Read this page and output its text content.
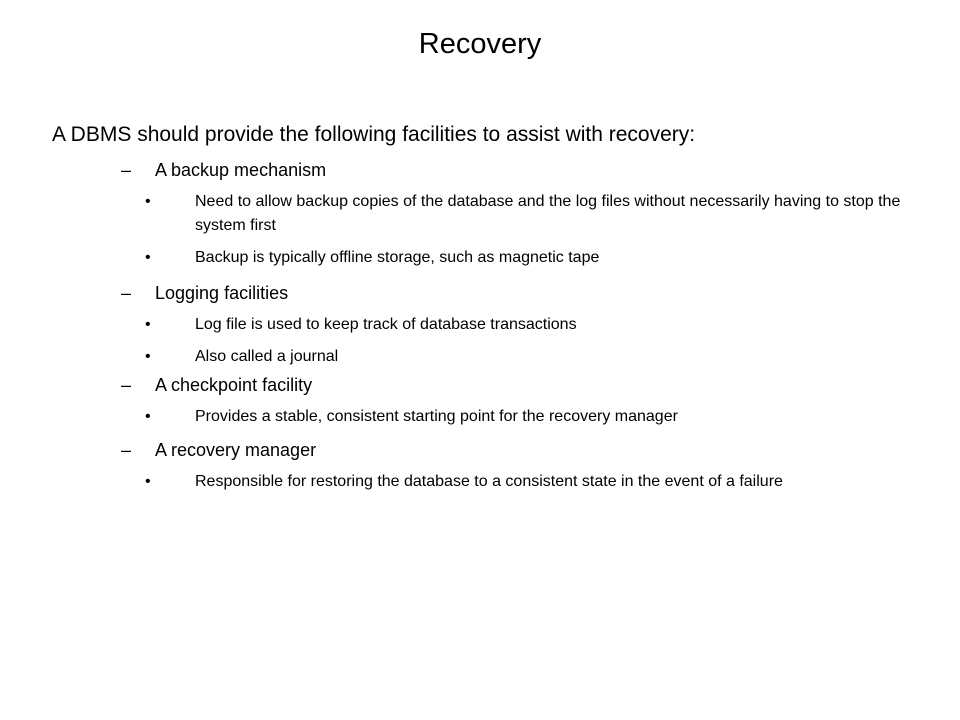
Recovery

A DBMS should provide the following facilities to assist with recovery:

– A backup mechanism
•	Need to allow backup copies of the database and the log files without necessarily having to stop the system first
•	Backup is typically offline storage, such as magnetic tape
– Logging facilities
•	Log file is used to keep track of database transactions
•	Also called a journal
– A checkpoint facility
•	Provides a stable, consistent starting point for the recovery manager
– A recovery manager
•	Responsible for restoring the database to a consistent state in the event of a failure
